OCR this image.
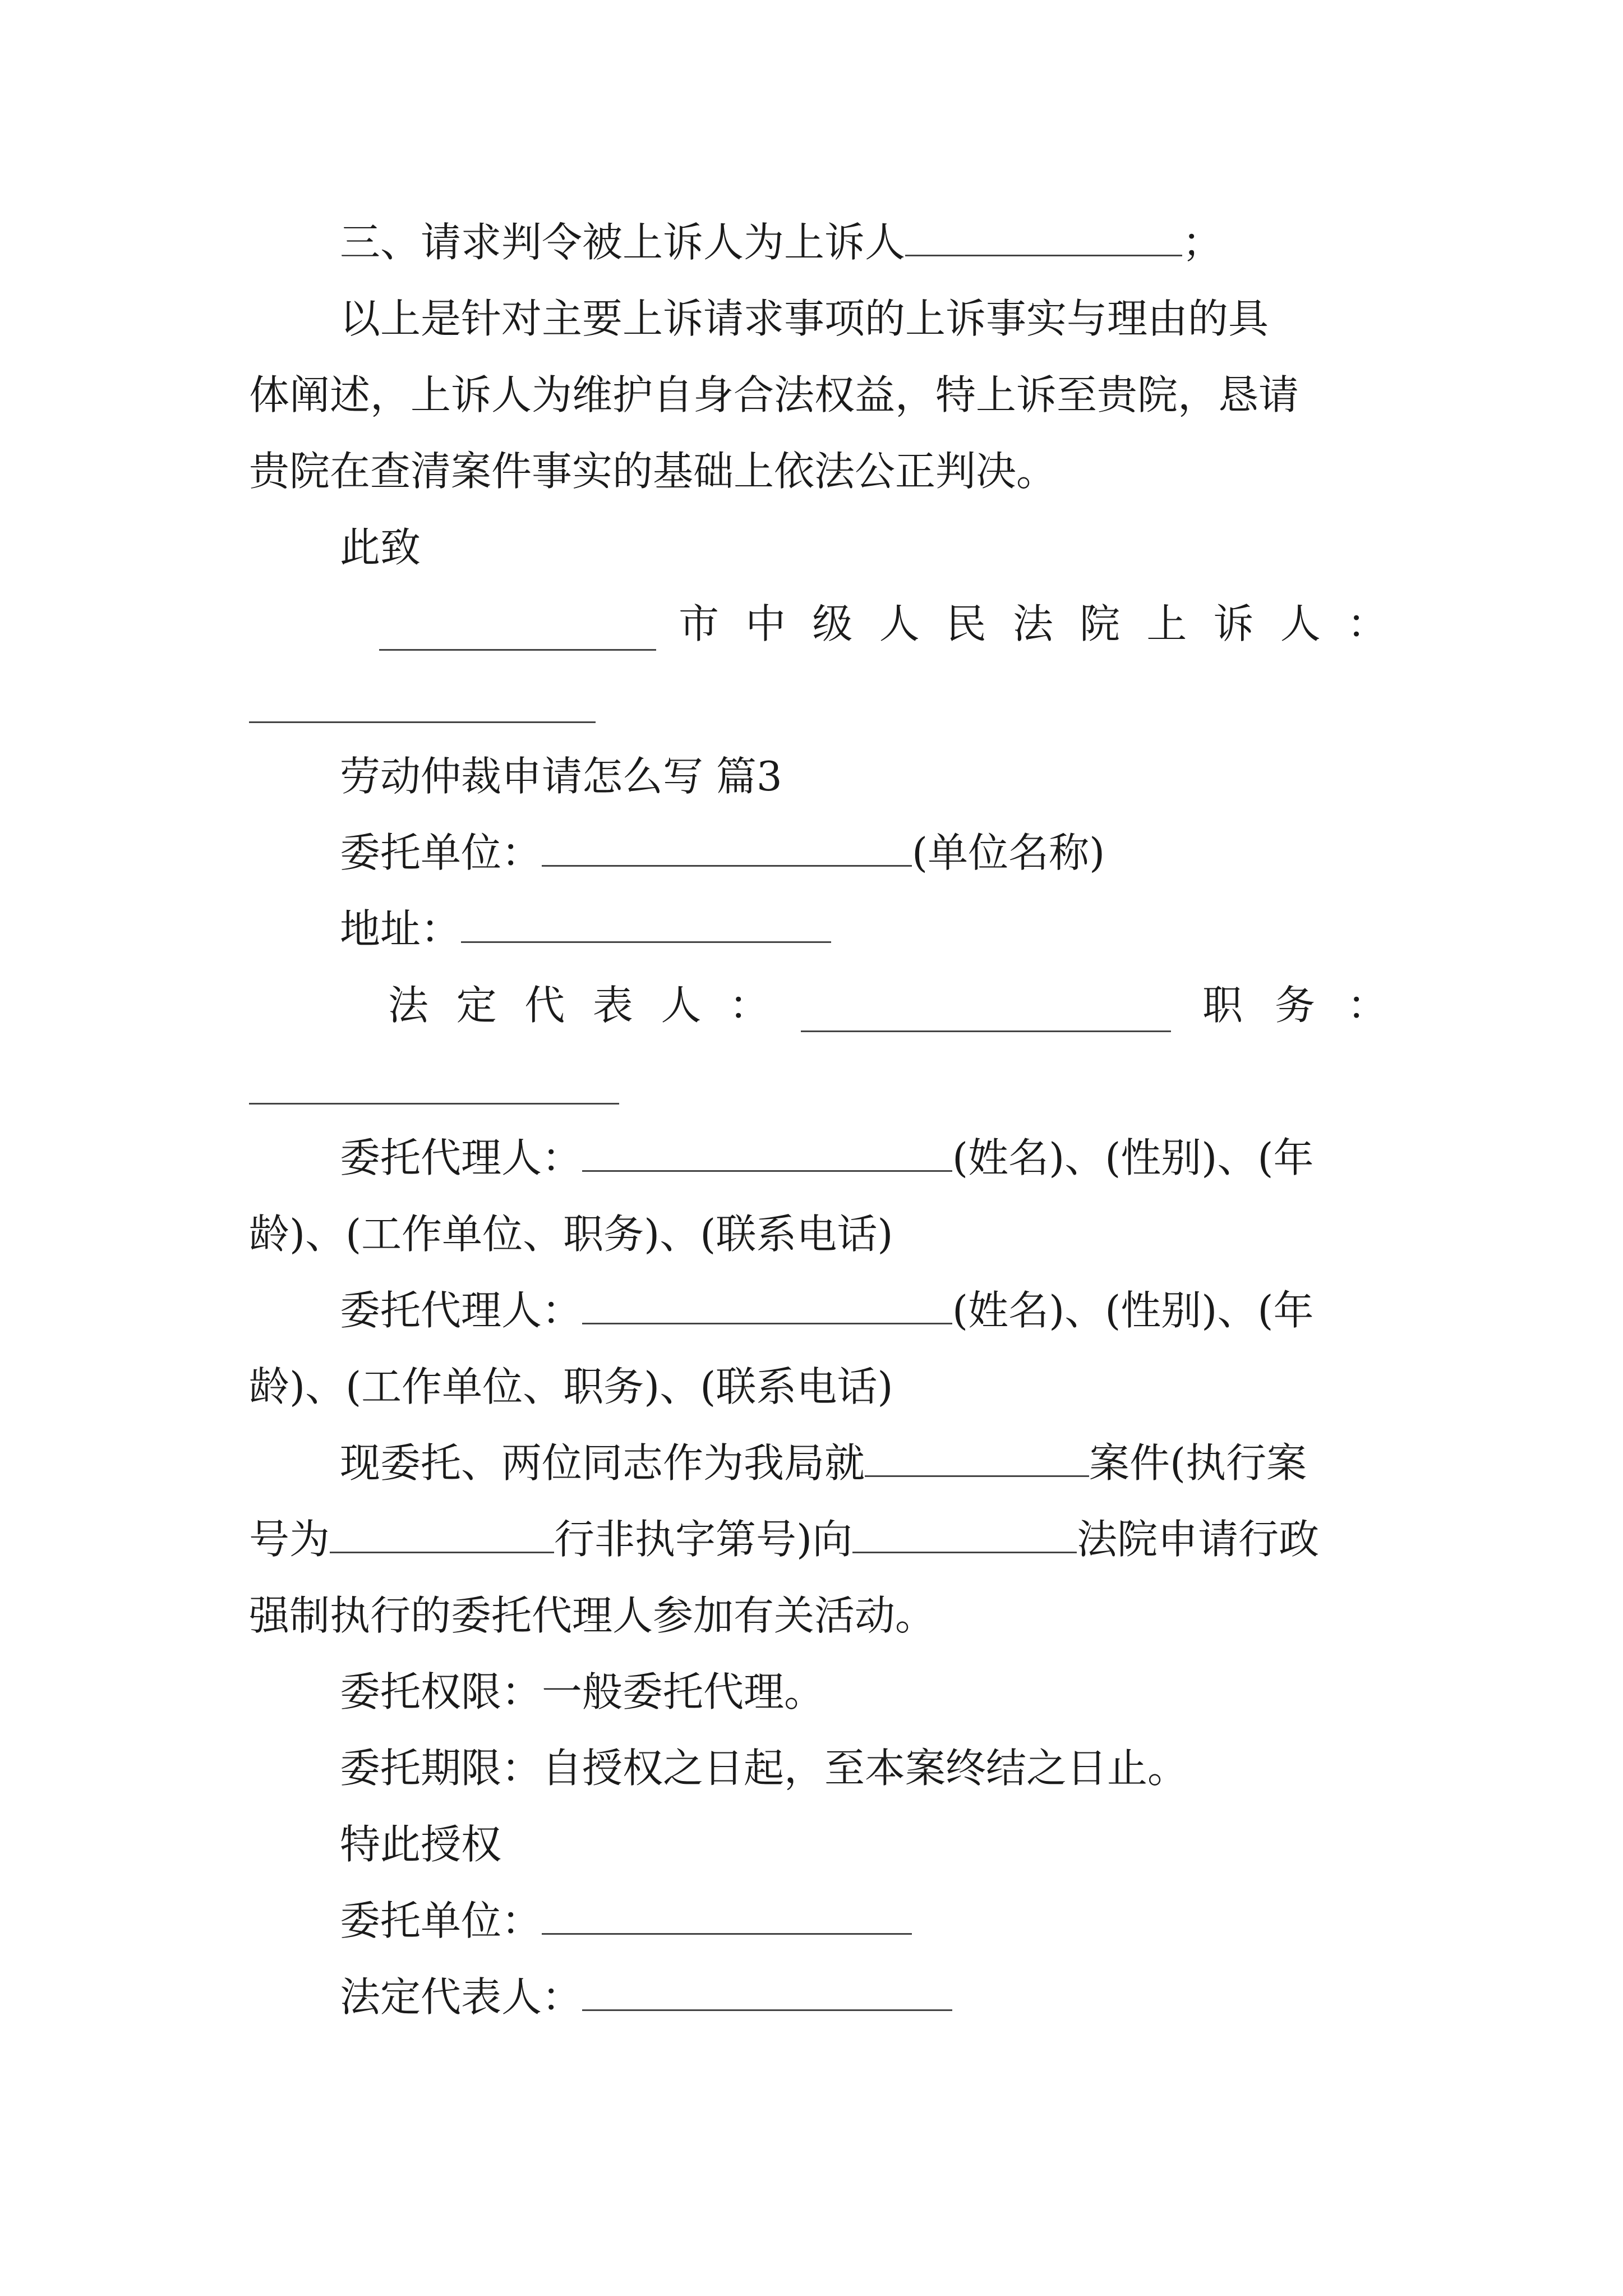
三、请求判令被上诉人为上诉人	；
以上是针对主要上诉请求事项的上诉事实与理由的具
体阐述，上诉人为维护自身合法权益，特上诉至贵院，恳请
贵院在查清案件事实的基础上依法公正判决。
此致
市 中 级 人 民 法 院 上 诉 人 ：
劳动仲裁申请怎么写 篇3
委托单位：	(单位名称)
地址：
法 定 代 表 人 ：	职 务 ：
委托代理人：	(姓名)、(性别)、(年
龄)、(工作单位、职务)、(联系电话)
委托代理人：	(姓名)、(性别)、(年
龄)、(工作单位、职务)、(联系电话)
现委托、两位同志作为我局就	案件(执行案
号为	行非执字第号)向	法院申请行政
强制执行的委托代理人参加有关活动。
委托权限：一般委托代理。
委托期限：自授权之日起，至本案终结之日止。
特此授权
委托单位：
法定代表人：
